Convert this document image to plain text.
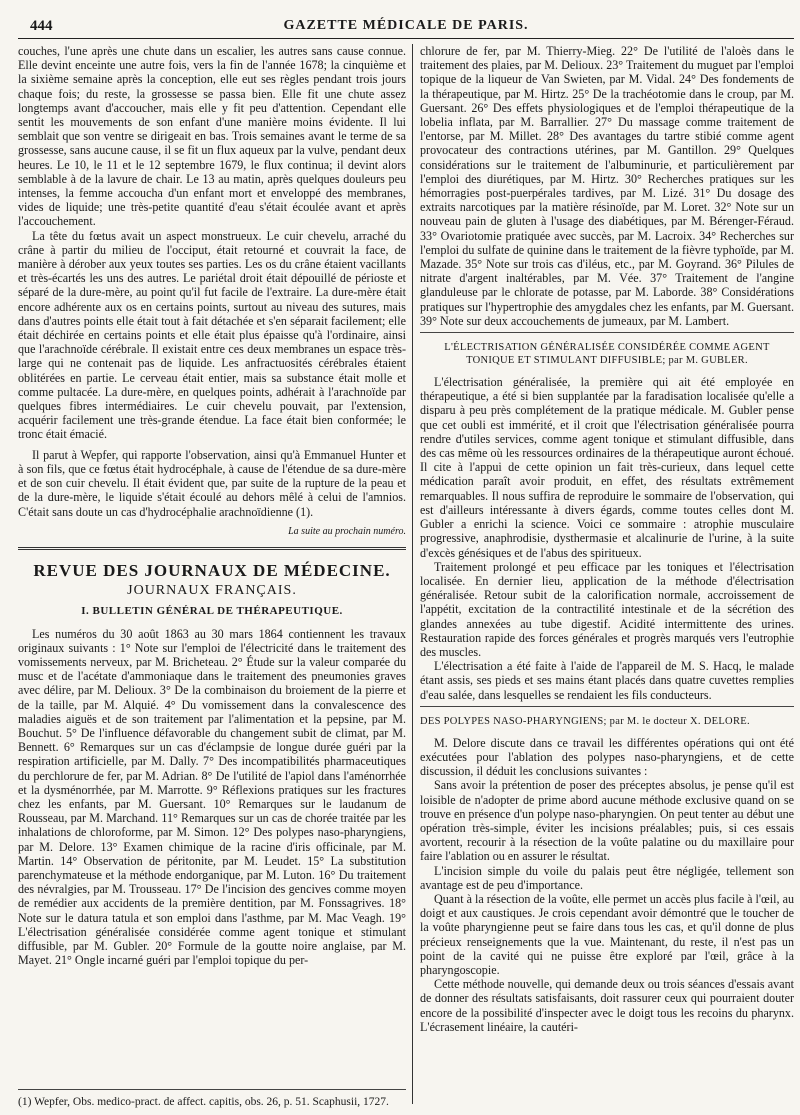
444	GAZETTE MÉDICALE DE PARIS.

couches, l'une après une chute dans un escalier, les autres sans cause connue. Elle devint enceinte une autre fois, vers la fin de l'année 1678; la cinquième et la sixième semaine après la conception, elle eut ses règles pendant trois jours chaque fois; du reste, la grossesse se passa bien. Elle fit une chute assez longtemps avant d'accoucher, mais elle y fit peu d'attention. Cependant elle sentit les mouvements de son enfant d'une manière moins évidente. Il lui semblait que son ventre se dirigeait en bas. Trois semaines avant le terme de sa grossesse, sans aucune cause, il se fit un flux aqueux par la vulve, pendant deux heures. Le 10, le 11 et le 12 septembre 1679, le flux continua; il devint alors semblable à de la lavure de chair. Le 13 au matin, après quelques douleurs peu intenses, la femme accoucha d'un enfant mort et enveloppé des membranes, vides de liquide; une très-petite quantité d'eau s'était écoulée avant et après l'accouchement.

La tête du fœtus avait un aspect monstrueux. Le cuir chevelu, arraché du crâne à partir du milieu de l'occiput, était retourné et couvrait la face, de manière à dérober aux yeux toutes ses parties. Les os du crâne étaient vacillants et très-écartés les uns des autres. Le pariétal droit était dépouillé de périoste et séparé de la dure-mère, au point qu'il fut facile de l'extraire. La dure-mère était encore adhérente aux os en certains points, surtout au niveau des sutures, mais dans d'autres points elle était tout à fait détachée et s'en séparait facilement; elle était déchirée en certains points et elle était plus épaisse qu'à l'ordinaire, ainsi que l'arachnoïde cérébrale. Il existait entre ces deux membranes un espace très-large qui ne contenait pas de liquide. Les anfractuosités cérébrales étaient oblitérées en partie. Le cerveau était entier, mais sa substance était molle et comme pultacée. La dure-mère, en quelques points, adhérait à l'arachnoïde par quelques fibres intermédiaires. Le cuir chevelu pouvait, par l'extension, acquérir facilement une très-grande étendue. La face était bien conformée; le tronc était émacié.

Il parut à Wepfer, qui rapporte l'observation, ainsi qu'à Emmanuel Hunter et à son fils, que ce fœtus était hydrocéphale, à cause de l'étendue de sa dure-mère et de son cuir chevelu. Il était évident que, par suite de la rupture de la peau et de la dure-mère, le liquide s'était écoulé au dehors mêlé à celui de l'amnios. C'était sans doute un cas d'hydrocéphalie arachnoïdienne (1).

La suite au prochain numéro.
REVUE DES JOURNAUX DE MÉDECINE.
JOURNAUX FRANÇAIS.
I. BULLETIN GÉNÉRAL DE THÉRAPEUTIQUE.

Les numéros du 30 août 1863 au 30 mars 1864 contiennent les travaux originaux suivants : 1° Note sur l'emploi de l'électricité dans le traitement des vomissements nerveux, par M. Bricheteau. 2° Étude sur la valeur comparée du musc et de l'acétate d'ammoniaque dans le traitement des pneumonies graves avec délire, par M. Delioux. 3° De la combinaison du broiement de la pierre et de la taille, par M. Alquié. 4° Du vomissement dans la convalescence des maladies aiguës et de son traitement par l'alimentation et la pepsine, par M. Bouchut. 5° De l'influence défavorable du changement subit de climat, par M. Bennett. 6° Remarques sur un cas d'éclampsie de longue durée guéri par la respiration artificielle, par M. Dally. 7° Des incompatibilités pharmaceutiques du perchlorure de fer, par M. Adrian. 8° De l'utilité de l'apiol dans l'aménorrhée et la dysménorrhée, par M. Marrotte. 9° Réflexions pratiques sur les fractures chez les enfants, par M. Guersant. 10° Remarques sur le laudanum de Rousseau, par M. Marchand. 11° Remarques sur un cas de chorée traitée par les inhalations de chloroforme, par M. Simon. 12° Des polypes naso-pharyngiens, par M. Delore. 13° Examen chimique de la racine d'iris officinale, par M. Martin. 14° Observation de péritonite, par M. Leudet. 15° La substitution parenchymateuse et la méthode endorganique, par M. Luton. 16° Du traitement des névralgies, par M. Trousseau. 17° De l'incision des gencives comme moyen de remédier aux accidents de la première dentition, par M. Fonssagrives. 18° Note sur le datura tatula et son emploi dans l'asthme, par M. Mac Veagh. 19° L'électrisation généralisée considérée comme agent tonique et stimulant diffusible, par M. Gubler. 20° Formule de la goutte noire anglaise, par M. Mayet. 21° Ongle incarné guéri par l'emploi topique du per-

(1) Wepfer, Obs. medico-pract. de affect. capitis, obs. 26, p. 51. Scaphusii, 1727.

chlorure de fer, par M. Thierry-Mieg. 22° De l'utilité de l'aloès dans le traitement des plaies, par M. Delioux. 23° Traitement du muguet par l'emploi topique de la liqueur de Van Swieten, par M. Vidal. 24° Des fondements de la thérapeutique, par M. Hirtz. 25° De la trachéotomie dans le croup, par M. Guersant. 26° Des effets physiologiques et de l'emploi thérapeutique de la lobelia inflata, par M. Barrallier. 27° Du massage comme traitement de l'entorse, par M. Millet. 28° Des avantages du tartre stibié comme agent provocateur des contractions utérines, par M. Gantillon. 29° Quelques considérations sur le traitement de l'albuminurie, et particulièrement par l'emploi des diurétiques, par M. Hirtz. 30° Recherches pratiques sur les hémorragies post-puerpérales tardives, par M. Lizé. 31° Du dosage des extraits narcotiques par la matière résinoïde, par M. Loret. 32° Note sur un nouveau pain de gluten à l'usage des diabétiques, par M. Bérenger-Féraud. 33° Ovariotomie pratiquée avec succès, par M. Lacroix. 34° Recherches sur l'emploi du sulfate de quinine dans le traitement de la fièvre typhoïde, par M. Mazade. 35° Note sur trois cas d'iléus, etc., par M. Goyrand. 36° Pilules de nitrate d'argent inaltérables, par M. Vée. 37° Traitement de l'angine glanduleuse par le chlorate de potasse, par M. Laborde. 38° Considérations pratiques sur l'hypertrophie des amygdales chez les enfants, par M. Guersant. 39° Note sur deux accouchements de jumeaux, par M. Lambert.

L'ÉLECTRISATION GÉNÉRALISÉE CONSIDÉRÉE COMME AGENT TONIQUE ET STIMULANT DIFFUSIBLE; par M. GUBLER.

L'électrisation généralisée, la première qui ait été employée en thérapeutique, a été si bien supplantée par la faradisation localisée qu'elle a disparu à peu près complétement de la pratique médicale. M. Gubler pense que cet oubli est immérité, et il croit que l'électrisation généralisée pourra rendre d'utiles services, comme agent tonique et stimulant diffusible, dans des cas même où les ressources ordinaires de la thérapeutique auront échoué. Il cite à l'appui de cette opinion un fait très-curieux, dans lequel cette médication paraît avoir produit, en effet, des résultats extrêmement remarquables. Il nous suffira de reproduire le sommaire de l'observation, qui est d'ailleurs intéressante à divers égards, comme toutes celles dont M. Gubler a enrichi la science. Voici ce sommaire : atrophie musculaire progressive, anaphrodisie, dysthermasie et alcalinurie de l'urine, à la suite d'excès génésiques et de l'abus des spiritueux.

Traitement prolongé et peu efficace par les toniques et l'électrisation localisée. En dernier lieu, application de la méthode d'électrisation généralisée. Retour subit de la calorification normale, accroissement de l'appétit, excitation de la contractilité intestinale et de la sécrétion des glandes annexées au tube digestif. Acidité intermittente des urines. Restauration rapide des forces générales et progrès marqués vers l'eutrophie des muscles.

L'électrisation a été faite à l'aide de l'appareil de M. S. Hacq, le malade étant assis, ses pieds et ses mains étant placés dans quatre cuvettes remplies d'eau salée, dans lesquelles se rendaient les fils conducteurs.

DES POLYPES NASO-PHARYNGIENS; par M. le docteur X. DELORE.

M. Delore discute dans ce travail les différentes opérations qui ont été exécutées pour l'ablation des polypes naso-pharyngiens, et de cette discussion, il déduit les conclusions suivantes :

Sans avoir la prétention de poser des préceptes absolus, je pense qu'il est loisible de n'adopter de prime abord aucune méthode exclusive quand on se trouve en présence d'un polype naso-pharyngien. On peut tenter au début une opération très-simple, éviter les incisions préalables; puis, si ces essais avortent, recourir à la résection de la voûte palatine ou du maxillaire pour faire l'ablation ou en assurer le résultat.

L'incision simple du voile du palais peut être négligée, tellement son avantage est de peu d'importance.

Quant à la résection de la voûte, elle permet un accès plus facile à l'œil, au doigt et aux caustiques. Je crois cependant avoir démontré que le toucher de la voûte pharyngienne peut se faire dans tous les cas, et qu'il donne de plus précieux renseignements que la vue. Maintenant, du reste, il n'est pas un point de la cavité qui ne puisse être exploré par l'œil, grâce à la pharyngoscopie.

Cette méthode nouvelle, qui demande deux ou trois séances d'essais avant de donner des résultats satisfaisants, doit rassurer ceux qui pourraient douter encore de la possibilité d'inspecter avec le doigt tous les recoins du pharynx. L'écrasement linéaire, la cautéri-
